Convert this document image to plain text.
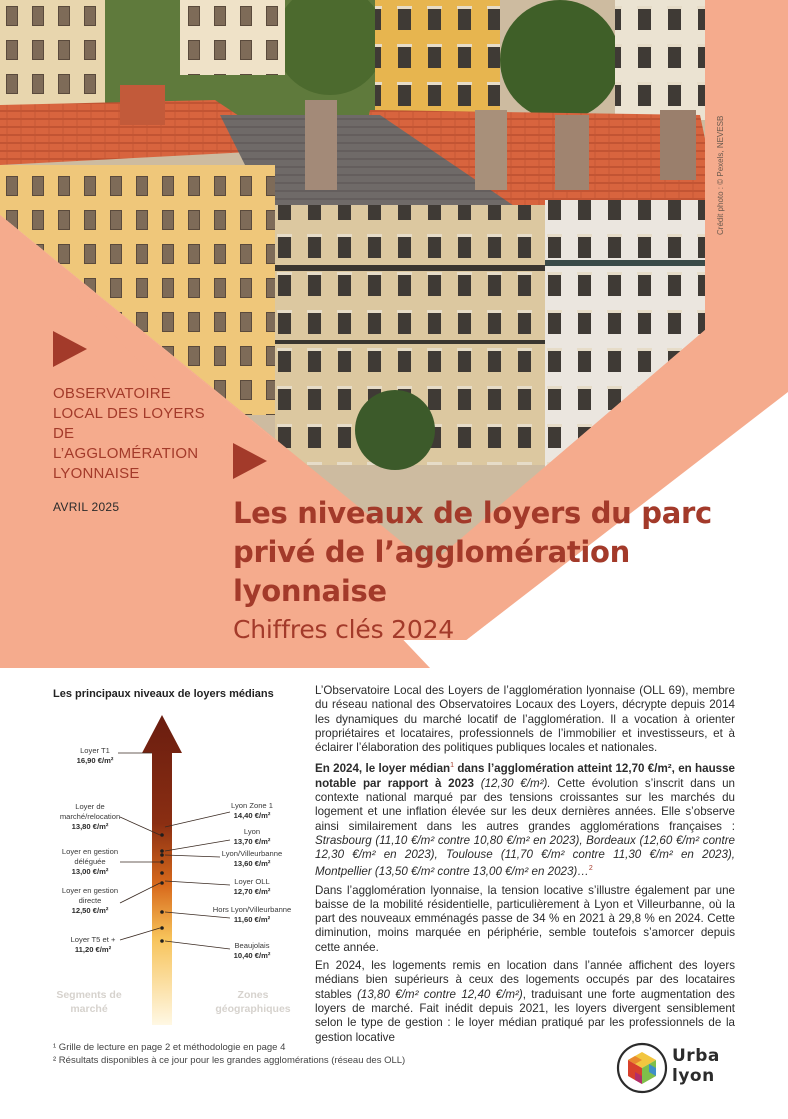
Crédit photo : © Pexels, NEVESB
OBSERVATOIRE LOCAL DES LOYERS DE L’AGGLOMÉRATION LYONNAISE
AVRIL 2025	Les niveaux de loyers du parc privé de l’agglomération lyonnaise
Chiffres clés 2024
Les principaux niveaux de loyers médians
Loyer T1
16,90 €/m²
Loyer de marché/relocation
13,80 €/m²
Loyer en gestion déléguée
13,00 €/m²
Loyer en gestion directe
12,50 €/m²
Loyer T5 et +
11,20 €/m²
Lyon Zone 1
14,40 €/m²
Lyon
13,70 €/m²
Lyon/Villeurbanne
13,60 €/m²
Loyer OLL
12,70 €/m²
Hors Lyon/Villeurbanne
11,60 €/m²
Beaujolais
10,40 €/m²
Segments de marché
Zones géographiques

L’Observatoire Local des Loyers de l’agglomération lyonnaise (OLL 69), membre du réseau national des Observatoires Locaux des Loyers, décrypte depuis 2014 les dynamiques du marché locatif de l’agglomération. Il a vocation à orienter propriétaires et locataires, professionnels de l’immobilier et investisseurs, et à éclairer l’élaboration des politiques publiques locales et nationales.

En 2024, le loyer médian$^1$ dans l’agglomération atteint 12,70 €/m², en hausse notable par rapport à 2023 (12,30 €/m²). Cette évolution s’inscrit dans un contexte national marqué par des tensions croissantes sur les marchés du logement et une inflation élevée sur les deux dernières années. Elle s’observe ainsi similairement dans les autres grandes agglomérations françaises : Strasbourg (11,10 €/m² contre 10,80 €/m² en 2023), Bordeaux (12,60 €/m² contre 12,30 €/m² en 2023), Toulouse (11,70 €/m² contre 11,30 €/m² en 2023), Montpellier (13,50 €/m² contre 13,00 €/m² en 2023)…$^2$

Dans l’agglomération lyonnaise, la tension locative s’illustre également par une baisse de la mobilité résidentielle, particulièrement à Lyon et Villeurbanne, où la part des nouveaux emménagés passe de 34 % en 2021 à 29,8 % en 2024. Cette diminution, moins marquée en périphérie, semble toutefois s’amorcer depuis cette année.

En 2024, les logements remis en location dans l’année affichent des loyers médians bien supérieurs à ceux des logements occupés par des locataires stables (13,80 €/m² contre 12,40 €/m²), traduisant une forte augmentation des loyers de marché. Fait inédit depuis 2021, les loyers divergent sensiblement selon le type de gestion : le loyer médian pratiqué par les professionnels de la gestion locative

¹ Grille de lecture en page 2 et méthodologie en page 4
² Résultats disponibles à ce jour pour les grandes agglomérations (réseau des OLL)	Urba
lyon
